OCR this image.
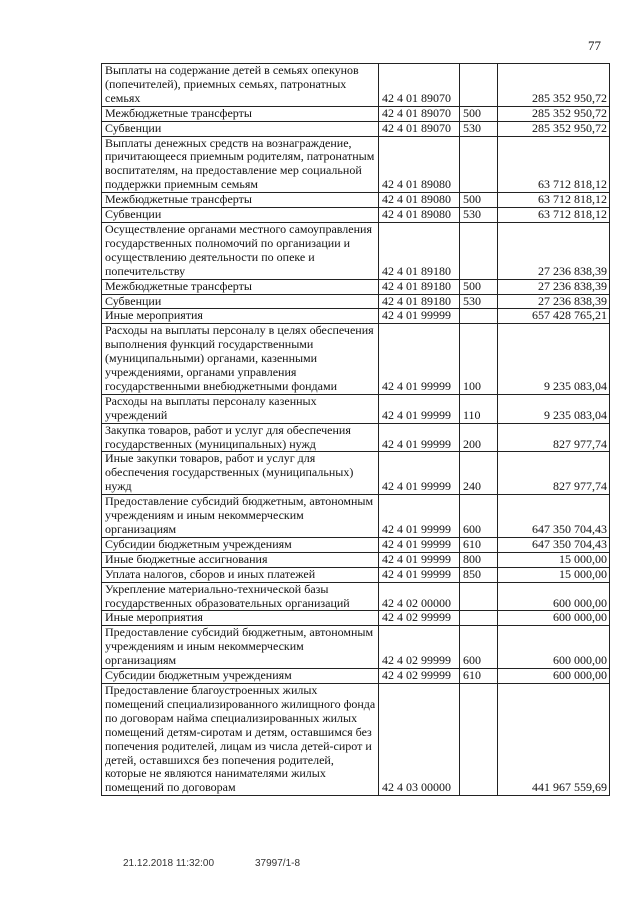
77
Выплаты на содержание детей в семьях опекунов (попечителей), приемных семьях, патронатных семьях	42 4 01 89070		285 352 950,72
Межбюджетные трансферты	42 4 01 89070	500	285 352 950,72
Субвенции	42 4 01 89070	530	285 352 950,72
Выплаты денежных средств на вознаграждение, причитающееся приемным родителям, патронатным воспитателям, на предоставление мер социальной поддержки приемным семьям	42 4 01 89080		63 712 818,12
Межбюджетные трансферты	42 4 01 89080	500	63 712 818,12
Субвенции	42 4 01 89080	530	63 712 818,12
Осуществление органами местного самоуправления государственных полномочий по организации и осуществлению деятельности по опеке и попечительству	42 4 01 89180		27 236 838,39
Межбюджетные трансферты	42 4 01 89180	500	27 236 838,39
Субвенции	42 4 01 89180	530	27 236 838,39
Иные мероприятия	42 4 01 99999		657 428 765,21
Расходы на выплаты персоналу в целях обеспечения выполнения функций государственными (муниципальными) органами, казенными учреждениями, органами управления государственными внебюджетными фондами	42 4 01 99999	100	9 235 083,04
Расходы на выплаты персоналу казенных учреждений	42 4 01 99999	110	9 235 083,04
Закупка товаров, работ и услуг для обеспечения государственных (муниципальных) нужд	42 4 01 99999	200	827 977,74
Иные закупки товаров, работ и услуг для обеспечения государственных (муниципальных) нужд	42 4 01 99999	240	827 977,74
Предоставление субсидий бюджетным, автономным учреждениям и иным некоммерческим организациям	42 4 01 99999	600	647 350 704,43
Субсидии бюджетным учреждениям	42 4 01 99999	610	647 350 704,43
Иные бюджетные ассигнования	42 4 01 99999	800	15 000,00
Уплата налогов, сборов и иных платежей	42 4 01 99999	850	15 000,00
Укрепление материально-технической базы государственных образовательных организаций	42 4 02 00000		600 000,00
Иные мероприятия	42 4 02 99999		600 000,00
Предоставление субсидий бюджетным, автономным учреждениям и иным некоммерческим организациям	42 4 02 99999	600	600 000,00
Субсидии бюджетным учреждениям	42 4 02 99999	610	600 000,00
Предоставление благоустроенных жилых помещений специализированного жилищного фонда по договорам найма специализированных жилых помещений детям-сиротам и детям, оставшимся без попечения родителей, лицам из числа детей-сирот и детей, оставшихся без попечения родителей, которые не являются нанимателями жилых помещений по договорам	42 4 03 00000		441 967 559,69
21.12.2018 11:32:00	37997/1-8
